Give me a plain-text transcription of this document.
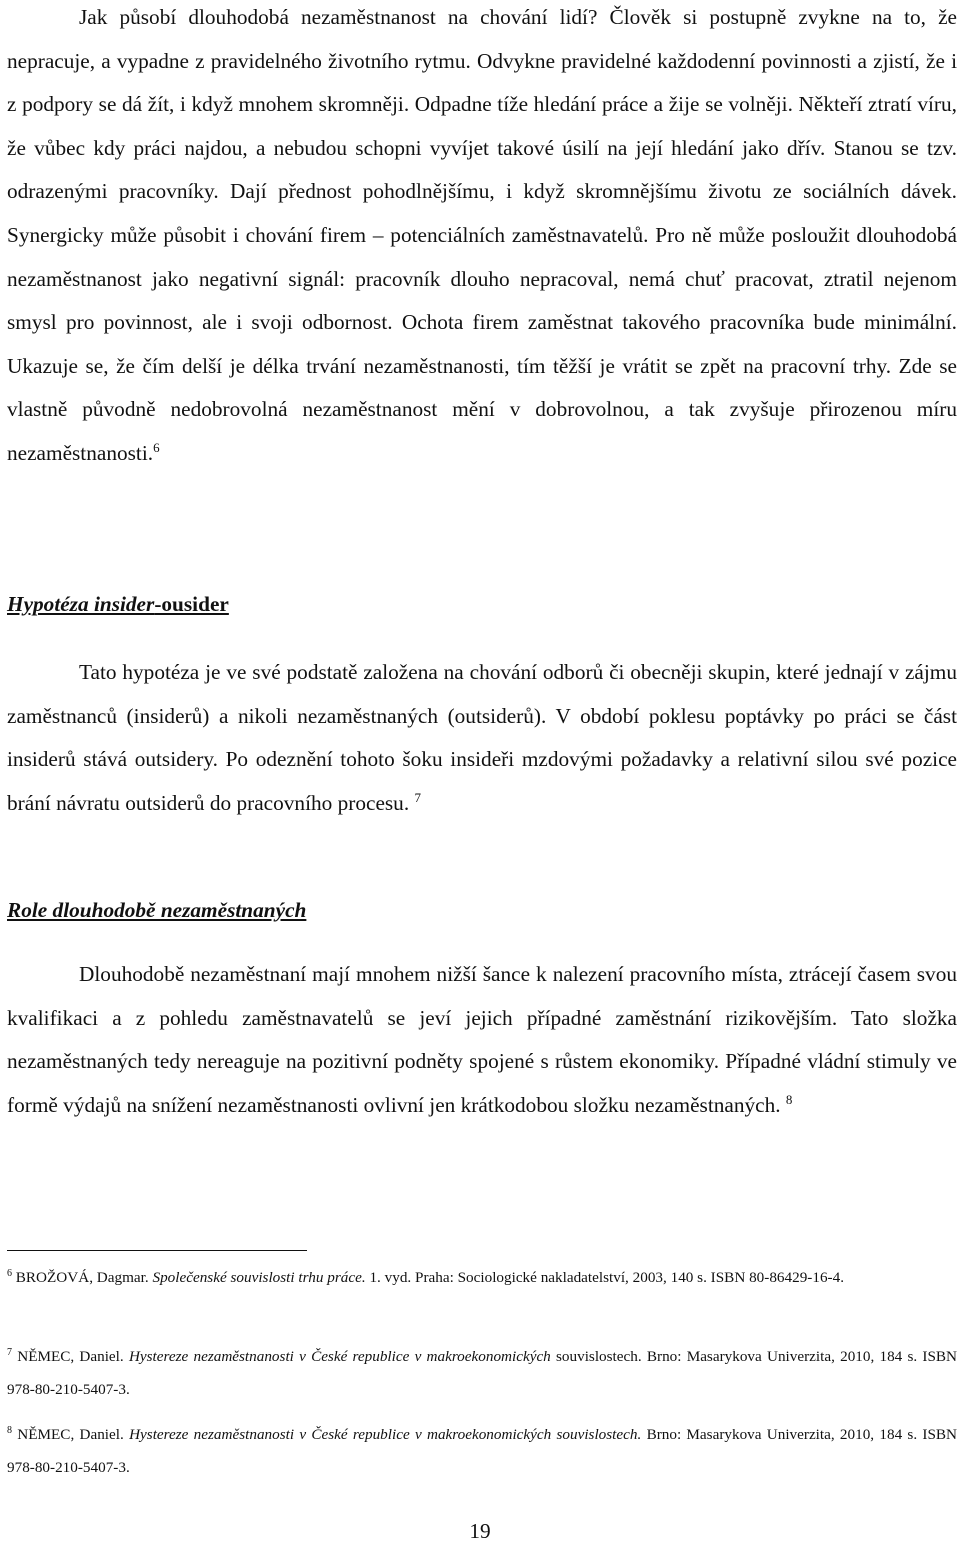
Jak působí dlouhodobá nezaměstnanost na chování lidí? Člověk si postupně zvykne na to, že nepracuje, a vypadne z pravidelného životního rytmu. Odvykne pravidelné každodenní povinnosti a zjistí, že i z podpory se dá žít, i když mnohem skromněji. Odpadne tíže hledání práce a žije se volněji. Někteří ztratí víru, že vůbec kdy práci najdou, a nebudou schopni vyvíjet takové úsilí na její hledání jako dřív. Stanou se tzv. odrazenými pracovníky. Dají přednost pohodlnějšímu, i když skromnějšímu životu ze sociálních dávek. Synergicky může působit i chování firem – potenciálních zaměstnavatelů. Pro ně může posloužit dlouhodobá nezaměstnanost jako negativní signál: pracovník dlouho nepracoval, nemá chuť pracovat, ztratil nejenom smysl pro povinnost, ale i svoji odbornost. Ochota firem zaměstnat takového pracovníka bude minimální. Ukazuje se, že čím delší je délka trvání nezaměstnanosti, tím těžší je vrátit se zpět na pracovní trhy. Zde se vlastně původně nedobrovolná nezaměstnanost mění v dobrovolnou, a tak zvyšuje přirozenou míru nezaměstnanosti.$^6$

Hypotéza insider-ousider

Tato hypotéza je ve své podstatě založena na chování odborů či obecněji skupin, které jednají v zájmu zaměstnanců (insiderů) a nikoli nezaměstnaných (outsiderů). V období poklesu poptávky po práci se část insiderů stává outsidery. Po odeznění tohoto šoku insideři mzdovými požadavky a relativní silou své pozice brání návratu outsiderů do pracovního procesu. $^7$

Role dlouhodobě nezaměstnaných

Dlouhodobě nezaměstnaní mají mnohem nižší šance k nalezení pracovního místa, ztrácejí časem svou kvalifikaci a z pohledu zaměstnavatelů se jeví jejich případné zaměstnání rizikovějším. Tato složka nezaměstnaných tedy nereaguje na pozitivní podněty spojené s růstem ekonomiky. Případné vládní stimuly ve formě výdajů na snížení nezaměstnanosti ovlivní jen krátkodobou složku nezaměstnaných. $^8$

$^6$ BROŽOVÁ, Dagmar. Společenské souvislosti trhu práce. 1. vyd. Praha: Sociologické nakladatelství, 2003, 140 s. ISBN 80-86429-16-4.

$^7$ NĚMEC, Daniel. Hystereze nezaměstnanosti v České republice v makroekonomických souvislostech. Brno: Masarykova Univerzita, 2010, 184 s. ISBN 978-80-210-5407-3.

$^8$ NĚMEC, Daniel. Hystereze nezaměstnanosti v České republice v makroekonomických souvislostech. Brno: Masarykova Univerzita, 2010, 184 s. ISBN 978-80-210-5407-3.

19
